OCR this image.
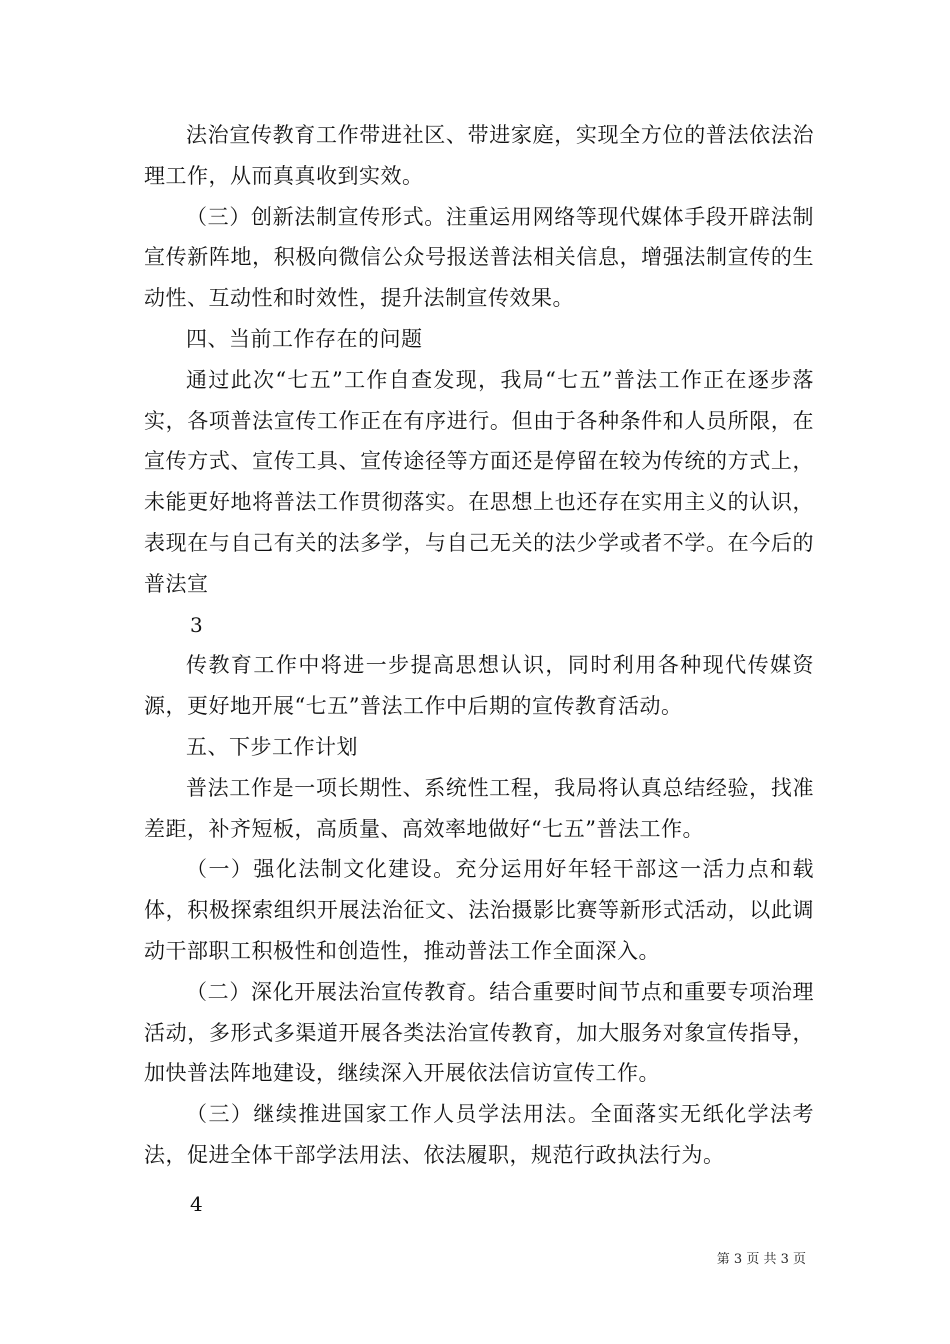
法治宣传教育工作带进社区、带进家庭，实现全方位的普法依法治理工作，从而真真收到实效。

（三）创新法制宣传形式。注重运用网络等现代媒体手段开辟法制宣传新阵地，积极向微信公众号报送普法相关信息，增强法制宣传的生动性、互动性和时效性，提升法制宣传效果。

四、当前工作存在的问题

通过此次“七五”工作自查发现，我局“七五”普法工作正在逐步落实，各项普法宣传工作正在有序进行。但由于各种条件和人员所限，在宣传方式、宣传工具、宣传途径等方面还是停留在较为传统的方式上，未能更好地将普法工作贯彻落实。在思想上也还存在实用主义的认识，表现在与自己有关的法多学，与自己无关的法少学或者不学。在今后的普法宣

3

传教育工作中将进一步提高思想认识，同时利用各种现代传媒资源，更好地开展“七五”普法工作中后期的宣传教育活动。

五、下步工作计划

普法工作是一项长期性、系统性工程，我局将认真总结经验，找准差距，补齐短板，高质量、高效率地做好“七五”普法工作。

（一）强化法制文化建设。充分运用好年轻干部这一活力点和载体，积极探索组织开展法治征文、法治摄影比赛等新形式活动，以此调动干部职工积极性和创造性，推动普法工作全面深入。

（二）深化开展法治宣传教育。结合重要时间节点和重要专项治理活动，多形式多渠道开展各类法治宣传教育，加大服务对象宣传指导，加快普法阵地建设，继续深入开展依法信访宣传工作。

（三）继续推进国家工作人员学法用法。全面落实无纸化学法考法，促进全体干部学法用法、依法履职，规范行政执法行为。

4

第 3 页 共 3 页
